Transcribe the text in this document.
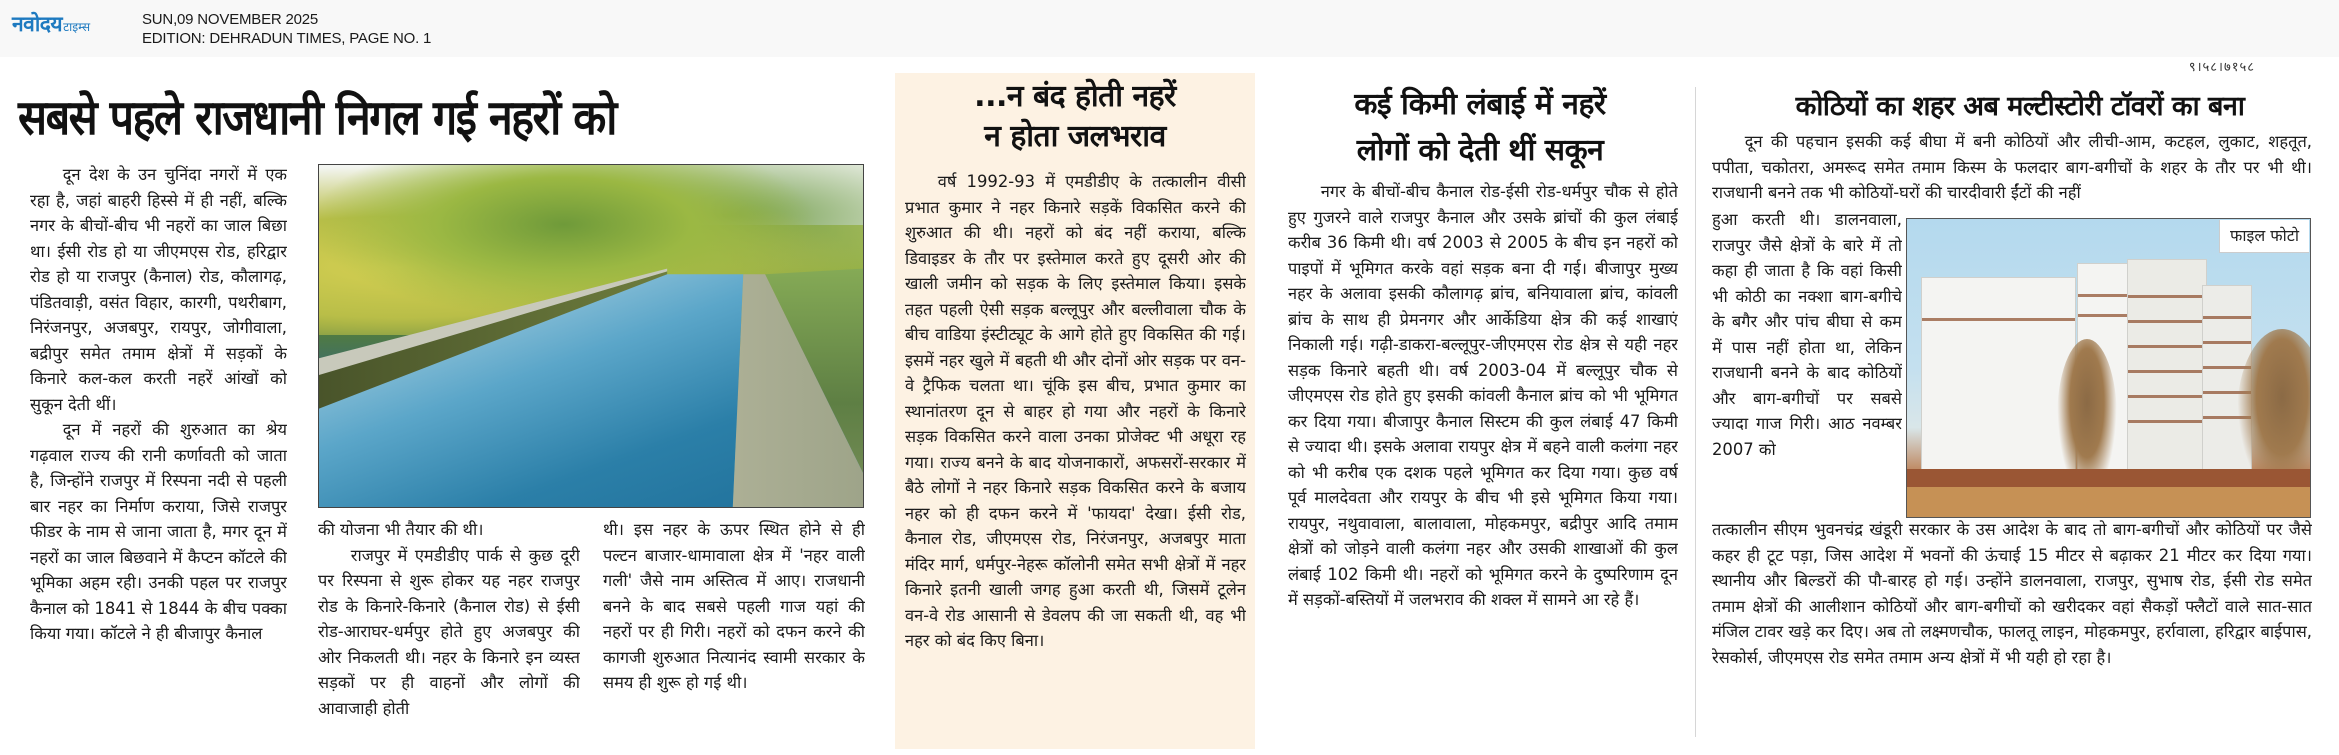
नवोदय टाइम्स	SUN,09 NOVEMBER 2025
EDITION: DEHRADUN TIMES, PAGE NO. 1
९।५८।७१५८
सबसे पहले राजधानी निगल गई नहरों को

दून देश के उन चुनिंदा नगरों में एक रहा है, जहां बाहरी हिस्से में ही नहीं, बल्कि नगर के बीचों-बीच भी नहरों का जाल बिछा था। ईसी रोड हो या जीएमएस रोड, हरिद्वार रोड हो या राजपुर (कैनाल) रोड, कौलागढ़, पंडितवाड़ी, वसंत विहार, कारगी, पथरीबाग, निरंजनपुर, अजबपुर, रायपुर, जोगीवाला, बद्रीपुर समेत तमाम क्षेत्रों में सड़कों के किनारे कल-कल करती नहरें आंखों को सुकून देती थीं।

दून में नहरों की शुरुआत का श्रेय गढ़वाल राज्य की रानी कर्णावती को जाता है, जिन्होंने राजपुर में रिस्पना नदी से पहली बार नहर का निर्माण कराया, जिसे राजपुर फीडर के नाम से जाना जाता है, मगर दून में नहरों का जाल बिछवाने में कैप्टन कॉटले की भूमिका अहम रही। उनकी पहल पर राजपुर कैनाल को 1841 से 1844 के बीच पक्का किया गया। कॉटले ने ही बीजापुर कैनाल

की योजना भी तैयार की थी।

राजपुर में एमडीडीए पार्क से कुछ दूरी पर रिस्पना से शुरू होकर यह नहर राजपुर रोड के किनारे-किनारे (कैनाल रोड) से ईसी रोड-आराघर-धर्मपुर होते हुए अजबपुर की ओर निकलती थी। नहर के किनारे इन व्यस्त सड़कों पर ही वाहनों और लोगों की आवाजाही होती

थी। इस नहर के ऊपर स्थित होने से ही पल्टन बाजार-धामावाला क्षेत्र में 'नहर वाली गली' जैसे नाम अस्तित्व में आए। राजधानी बनने के बाद सबसे पहली गाज यहां की नहरों पर ही गिरी। नहरों को दफन करने की कागजी शुरुआत नित्यानंद स्वामी सरकार के समय ही शुरू हो गई थी।

...न बंद होती नहरें
न होता जलभराव

वर्ष 1992-93 में एमडीडीए के तत्कालीन वीसी प्रभात कुमार ने नहर किनारे सड़कें विकसित करने की शुरुआत की थी। नहरों को बंद नहीं कराया, बल्कि डिवाइडर के तौर पर इस्तेमाल करते हुए दूसरी ओर की खाली जमीन को सड़क के लिए इस्तेमाल किया। इसके तहत पहली ऐसी सड़क बल्लूपुर और बल्लीवाला चौक के बीच वाडिया इंस्टीट्यूट के आगे होते हुए विकसित की गई। इसमें नहर खुले में बहती थी और दोनों ओर सड़क पर वन-वे ट्रैफिक चलता था। चूंकि इस बीच, प्रभात कुमार का स्थानांतरण दून से बाहर हो गया और नहरों के किनारे सड़क विकसित करने वाला उनका प्रोजेक्ट भी अधूरा रह गया। राज्य बनने के बाद योजनाकारों, अफसरों-सरकार में बैठे लोगों ने नहर किनारे सड़क विकसित करने के बजाय नहर को ही दफन करने में 'फायदा' देखा। ईसी रोड, कैनाल रोड, जीएमएस रोड, निरंजनपुर, अजबपुर माता मंदिर मार्ग, धर्मपुर-नेहरू कॉलोनी समेत सभी क्षेत्रों में नहर किनारे इतनी खाली जगह हुआ करती थी, जिसमें टूलेन वन-वे रोड आसानी से डेवलप की जा सकती थी, वह भी नहर को बंद किए बिना।

कई किमी लंबाई में नहरें
लोगों को देती थीं सकून

नगर के बीचों-बीच कैनाल रोड-ईसी रोड-धर्मपुर चौक से होते हुए गुजरने वाले राजपुर कैनाल और उसके ब्रांचों की कुल लंबाई करीब 36 किमी थी। वर्ष 2003 से 2005 के बीच इन नहरों को पाइपों में भूमिगत करके वहां सड़क बना दी गई। बीजापुर मुख्य नहर के अलावा इसकी कौलागढ़ ब्रांच, बनियावाला ब्रांच, कांवली ब्रांच के साथ ही प्रेमनगर और आर्केडिया क्षेत्र की कई शाखाएं निकाली गई। गढ़ी-डाकरा-बल्लूपुर-जीएमएस रोड क्षेत्र से यही नहर सड़क किनारे बहती थी। वर्ष 2003-04 में बल्लूपुर चौक से जीएमएस रोड होते हुए इसकी कांवली कैनाल ब्रांच को भी भूमिगत कर दिया गया। बीजापुर कैनाल सिस्टम की कुल लंबाई 47 किमी से ज्यादा थी। इसके अलावा रायपुर क्षेत्र में बहने वाली कलंगा नहर को भी करीब एक दशक पहले भूमिगत कर दिया गया। कुछ वर्ष पूर्व मालदेवता और रायपुर के बीच भी इसे भूमिगत किया गया। रायपुर, नथुवावाला, बालावाला, मोहकमपुर, बद्रीपुर आदि तमाम क्षेत्रों को जोड़ने वाली कलंगा नहर और उसकी शाखाओं की कुल लंबाई 102 किमी थी। नहरों को भूमिगत करने के दुष्परिणाम दून में सड़कों-बस्तियों में जलभराव की शक्ल में सामने आ रहे हैं।

कोठियों का शहर अब मल्टीस्टोरी टॉवरों का बना

दून की पहचान इसकी कई बीघा में बनी कोठियों और लीची-आम, कटहल, लुकाट, शहतूत, पपीता, चकोतरा, अमरूद समेत तमाम किस्म के फलदार बाग-बगीचों के शहर के तौर पर भी थी। राजधानी बनने तक भी कोठियों-घरों की चारदीवारी ईंटों की नहीं

हुआ करती थी। डालनवाला, राजपुर जैसे क्षेत्रों के बारे में तो कहा ही जाता है कि वहां किसी भी कोठी का नक्शा बाग-बगीचे के बगैर और पांच बीघा से कम में पास नहीं होता था, लेकिन राजधानी बनने के बाद कोठियों और बाग-बगीचों पर सबसे ज्यादा गाज गिरी। आठ नवम्बर 2007 को

फाइल फोटो

तत्कालीन सीएम भुवनचंद्र खंडूरी सरकार के उस आदेश के बाद तो बाग-बगीचों और कोठियों पर जैसे कहर ही टूट पड़ा, जिस आदेश में भवनों की ऊंचाई 15 मीटर से बढ़ाकर 21 मीटर कर दिया गया। स्थानीय और बिल्डरों की पौ-बारह हो गई। उन्होंने डालनवाला, राजपुर, सुभाष रोड, ईसी रोड समेत तमाम क्षेत्रों की आलीशान कोठियों और बाग-बगीचों को खरीदकर वहां सैकड़ों फ्लैटों वाले सात-सात मंजिल टावर खड़े कर दिए। अब तो लक्ष्मणचौक, फालतू लाइन, मोहकमपुर, हर्रावाला, हरिद्वार बाईपास, रेसकोर्स, जीएमएस रोड समेत तमाम अन्य क्षेत्रों में भी यही हो रहा है।
